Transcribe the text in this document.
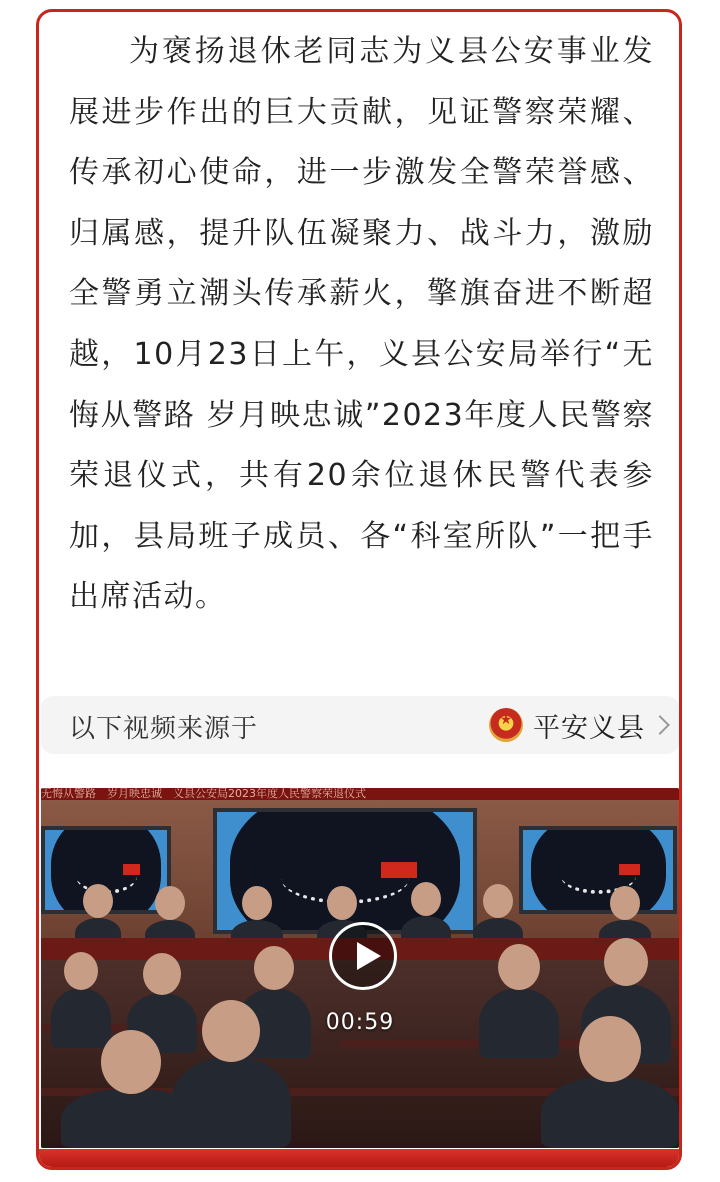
为褒扬退休老同志为义县公安事业发展进步作出的巨大贡献，见证警察荣耀、传承初心使命，进一步激发全警荣誉感、归属感，提升队伍凝聚力、战斗力，激励全警勇立潮头传承薪火，擎旗奋进不断超越，10月23日上午，义县公安局举行“无悔从警路 岁月映忠诚”2023年度人民警察荣退仪式，共有20余位退休民警代表参加，县局班子成员、各“科室所队”一把手出席活动。

以下视频来源于
★	平安义县
无悔从警路　岁月映忠诚　义县公安局2023年度人民警察荣退仪式
00:59
